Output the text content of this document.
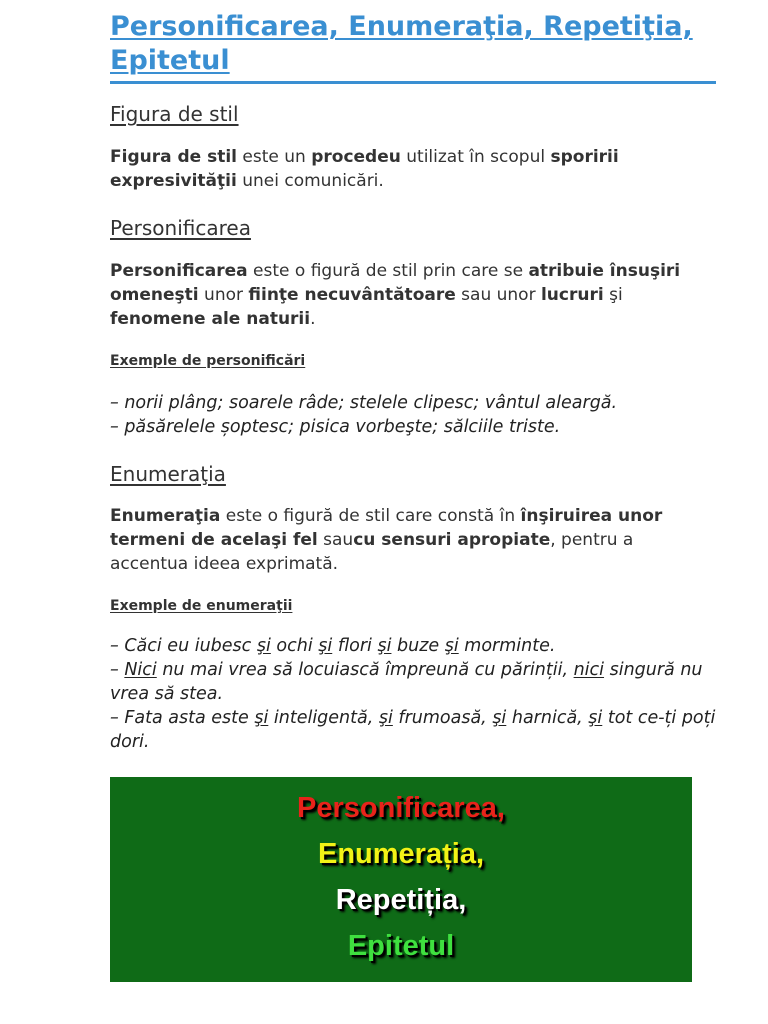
Personificarea, Enumeraţia, Repetiţia, Epitetul
Figura de stil

Figura de stil este un procedeu utilizat în scopul sporirii expresivităţii unei comunicări.

Personificarea

Personificarea este o figură de stil prin care se atribuie însuşiri omeneşti unor fiinţe necuvântătoare sau unor lucruri şi fenomene ale naturii.

Exemple de personificări
– norii plâng; soarele râde; stelele clipesc; vântul aleargă.
– păsărelele șoptesc; pisica vorbeşte; sălciile triste.
Enumeraţia

Enumeraţia este o figură de stil care constă în înşiruirea unor termeni de acelaşi fel saucu sensuri apropiate, pentru a accentua ideea exprimată.

Exemple de enumeraţii
– Căci eu iubesc şi ochi şi flori şi buze şi morminte.
– Nici nu mai vrea să locuiască împreună cu părinții, nici singură nu vrea să stea.
– Fata asta este şi inteligentă, şi frumoasă, şi harnică, şi tot ce-ți poți dori.
Personificarea,
Enumerația,
Repetiția,
Epitetul
